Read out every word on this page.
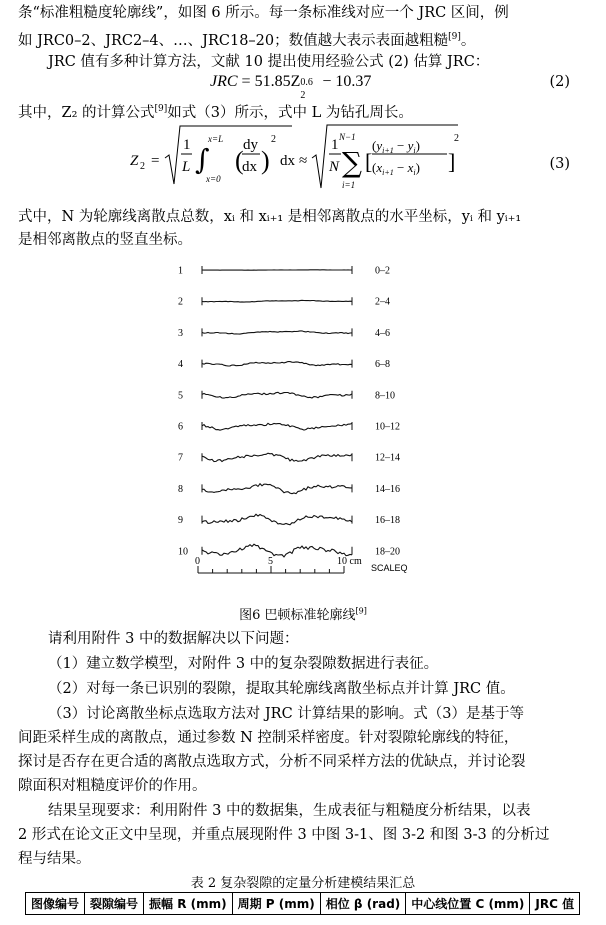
条“标准粗糙度轮廓线”，如图 6 所示。每一条标准线对应一个 JRC 区间，例
如 JRC0–2、JRC2–4、…、JRC18–20；数值越大表示表面越粗糙[9]。
JRC 值有多种计算方法，文献 10 提出使用经验公式 (2) 估算 JRC：
JRC = 51.85Z 0.6
2
− 10.37	(2)
其中，Z₂ 的计算公式[9]如式（3）所示，式中 L 为钻孔周长。
Z 2 =
1
L ∫
x=L
x=0
(
dy
dx )
2
dx ≈
1
N ∑
N−1
i=1
[
$(y_{i+1} - y_i)$
$(x_{i+1} - x_i)$ ]
2
(3)
式中，N 为轮廓线离散点总数，xᵢ 和 xᵢ₊₁ 是相邻离散点的水平坐标，yᵢ 和 yᵢ₊₁
是相邻离散点的竖直坐标。
1	0–2
2	2–4
3	4–6
4	6–8
5	8–10
6	10–12
7	12–14
8	14–16
9	16–18
10	18–20
0	5	10 cm
SCALEQ
图6 巴顿标准轮廓线[9]
请利用附件 3 中的数据解决以下问题：
（1）建立数学模型，对附件 3 中的复杂裂隙数据进行表征。
（2）对每一条已识别的裂隙，提取其轮廓线离散坐标点并计算 JRC 值。
（3）讨论离散坐标点选取方法对 JRC 计算结果的影响。式（3）是基于等
间距采样生成的离散点，通过参数 N 控制采样密度。针对裂隙轮廓线的特征，
探讨是否存在更合适的离散点选取方式，分析不同采样方法的优缺点，并讨论裂
隙面积对粗糙度评价的作用。
结果呈现要求：利用附件 3 中的数据集，生成表征与粗糙度分析结果，以表
2 形式在论文正文中呈现，并重点展现附件 3 中图 3-1、图 3-2 和图 3-3 的分析过
程与结果。
表 2 复杂裂隙的定量分析建模结果汇总
图像编号	裂隙编号	振幅 R (mm)	周期 P (mm)	相位 β (rad)	中心线位置 C (mm)	JRC 值
